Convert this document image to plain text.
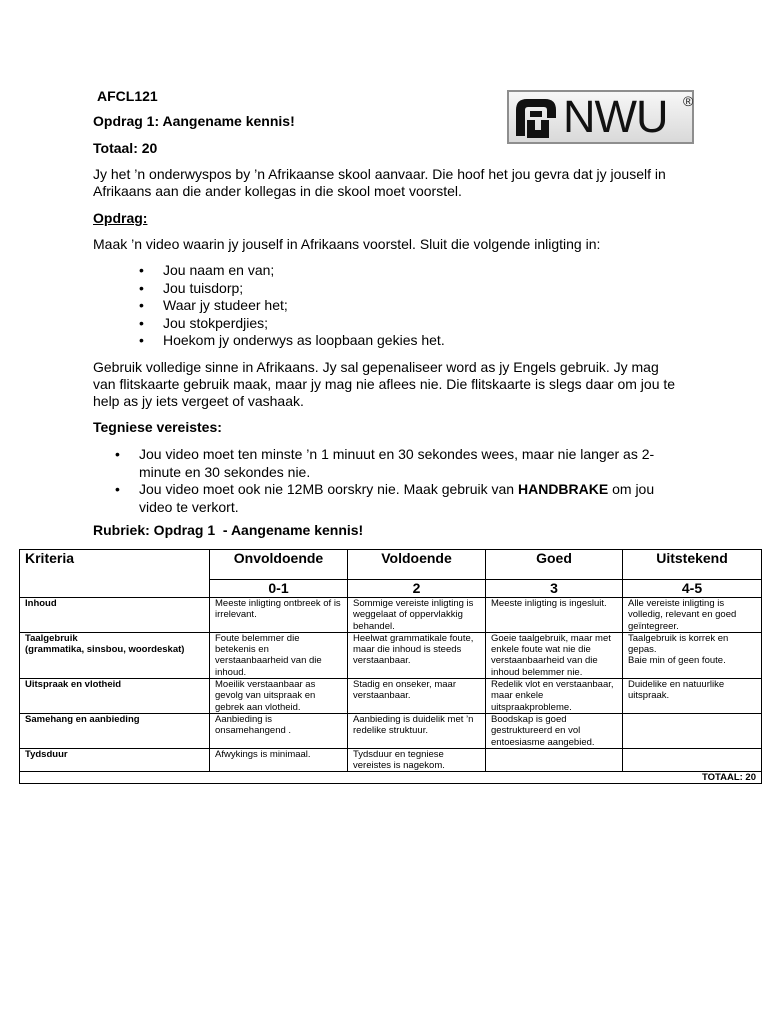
AFCL121
Opdrag 1: Aangename kennis!
Totaal: 20
NWU ®
Jy het ’n onderwyspos by ’n Afrikaanse skool aanvaar. Die hoof het jou gevra dat jy jouself in Afrikaans aan die ander kollegas in die skool moet voorstel.
Opdrag:
Maak ’n video waarin jy jouself in Afrikaans voorstel. Sluit die volgende inligting in:
• Jou naam en van;
• Jou tuisdorp;
• Waar jy studeer het;
• Jou stokperdjies;
• Hoekom jy onderwys as loopbaan gekies het.
Gebruik volledige sinne in Afrikaans. Jy sal gepenaliseer word as jy Engels gebruik. Jy mag van flitskaarte gebruik maak, maar jy mag nie aflees nie. Die flitskaarte is slegs daar om jou te help as jy iets vergeet of vashaak.
Tegniese vereistes:
• Jou video moet ten minste ’n 1 minuut en 30 sekondes wees, maar nie langer as 2-minute en 30 sekondes nie.
• Jou video moet ook nie 12MB oorskry nie. Maak gebruik van HANDBRAKE om jou video te verkort.
Rubriek: Opdrag 1  - Aangename kennis!
Kriteria	Onvoldoende	Voldoende	Goed	Uitstekend
	0-1	2	3	4-5
Inhoud	Meeste inligting ontbreek of is irrelevant.	Sommige vereiste inligting is weggelaat of oppervlakkig behandel.	Meeste inligting is ingesluit.	Alle vereiste inligting is volledig, relevant en goed geïntegreer.

Taalgebruik
(grammatika, sinsbou, woordeskat)	Foute belemmer die betekenis en verstaanbaarheid van die inhoud.	Heelwat grammatikale foute, maar die inhoud is steeds verstaanbaar.	Goeie taalgebruik, maar met enkele foute wat nie die verstaanbaarheid van die inhoud belemmer nie.	Taalgebruik is korrek en gepas.
Baie min of geen foute.

Uitspraak en vlotheid	Moeilik verstaanbaar as gevolg van uitspraak en gebrek aan vlotheid.	Stadig en onseker, maar verstaanbaar.	Redelik vlot en verstaanbaar, maar enkele uitspraakprobleme.	Duidelike en natuurlike uitspraak.
Samehang en aanbieding	Aanbieding is onsamehangend .	Aanbieding is duidelik met ’n redelike struktuur.	Boodskap is goed gestruktureerd en vol entoesiasme aangebied.	
Tydsduur	Afwykings is minimaal.	Tydsduur en tegniese vereistes is nagekom.		
TOTAAL: 20				
